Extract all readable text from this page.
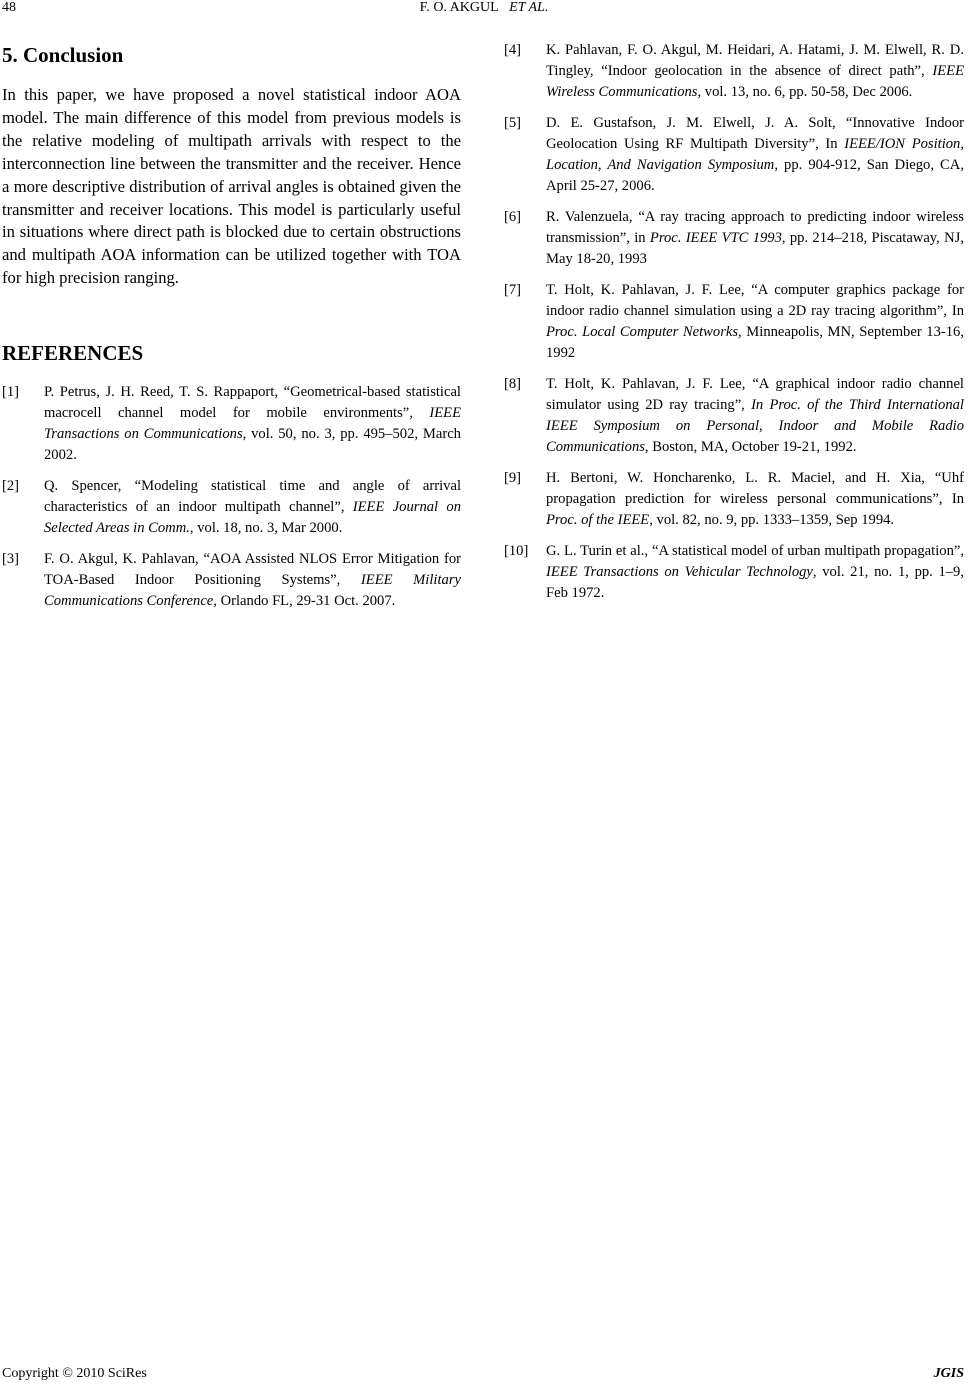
48	F. O. AKGUL ET AL.
5. Conclusion

In this paper, we have proposed a novel statistical indoor AOA model. The main difference of this model from previous models is the relative modeling of multipath arrivals with respect to the interconnection line between the transmitter and the receiver. Hence a more descriptive distribution of arrival angles is obtained given the transmitter and receiver locations. This model is particularly useful in situations where direct path is blocked due to certain obstructions and multipath AOA information can be utilized together with TOA for high precision ranging.

REFERENCES
[1] P. Petrus, J. H. Reed, T. S. Rappaport, “Geometrical-based statistical macrocell channel model for mobile environments”, IEEE Transactions on Communications, vol. 50, no. 3, pp. 495–502, March 2002.
[2] Q. Spencer, “Modeling statistical time and angle of arrival characteristics of an indoor multipath channel”, IEEE Journal on Selected Areas in Comm., vol. 18, no. 3, Mar 2000.
[3] F. O. Akgul, K. Pahlavan, “AOA Assisted NLOS Error Mitigation for TOA-Based Indoor Positioning Systems”, IEEE Military Communications Conference, Orlando FL, 29-31 Oct. 2007.
[4] K. Pahlavan, F. O. Akgul, M. Heidari, A. Hatami, J. M. Elwell, R. D. Tingley, “Indoor geolocation in the absence of direct path”, IEEE Wireless Communications, vol. 13, no. 6, pp. 50-58, Dec 2006.
[5] D. E. Gustafson, J. M. Elwell, J. A. Solt, “Innovative Indoor Geolocation Using RF Multipath Diversity”, In IEEE/ION Position, Location, And Navigation Symposium, pp. 904-912, San Diego, CA, April 25-27, 2006.
[6] R. Valenzuela, “A ray tracing approach to predicting indoor wireless transmission”, in Proc. IEEE VTC 1993, pp. 214–218, Piscataway, NJ, May 18-20, 1993
[7] T. Holt, K. Pahlavan, J. F. Lee, “A computer graphics package for indoor radio channel simulation using a 2D ray tracing algorithm”, In Proc. Local Computer Networks, Minneapolis, MN, September 13-16, 1992
[8] T. Holt, K. Pahlavan, J. F. Lee, “A graphical indoor radio channel simulator using 2D ray tracing”, In Proc. of the Third International IEEE Symposium on Personal, Indoor and Mobile Radio Communications, Boston, MA, October 19-21, 1992.
[9] H. Bertoni, W. Honcharenko, L. R. Maciel, and H. Xia, “Uhf propagation prediction for wireless personal communications”, In Proc. of the IEEE, vol. 82, no. 9, pp. 1333–1359, Sep 1994.
[10] G. L. Turin et al., “A statistical model of urban multipath propagation”, IEEE Transactions on Vehicular Technology, vol. 21, no. 1, pp. 1–9, Feb 1972.
Copyright © 2010 SciRes	JGIS
